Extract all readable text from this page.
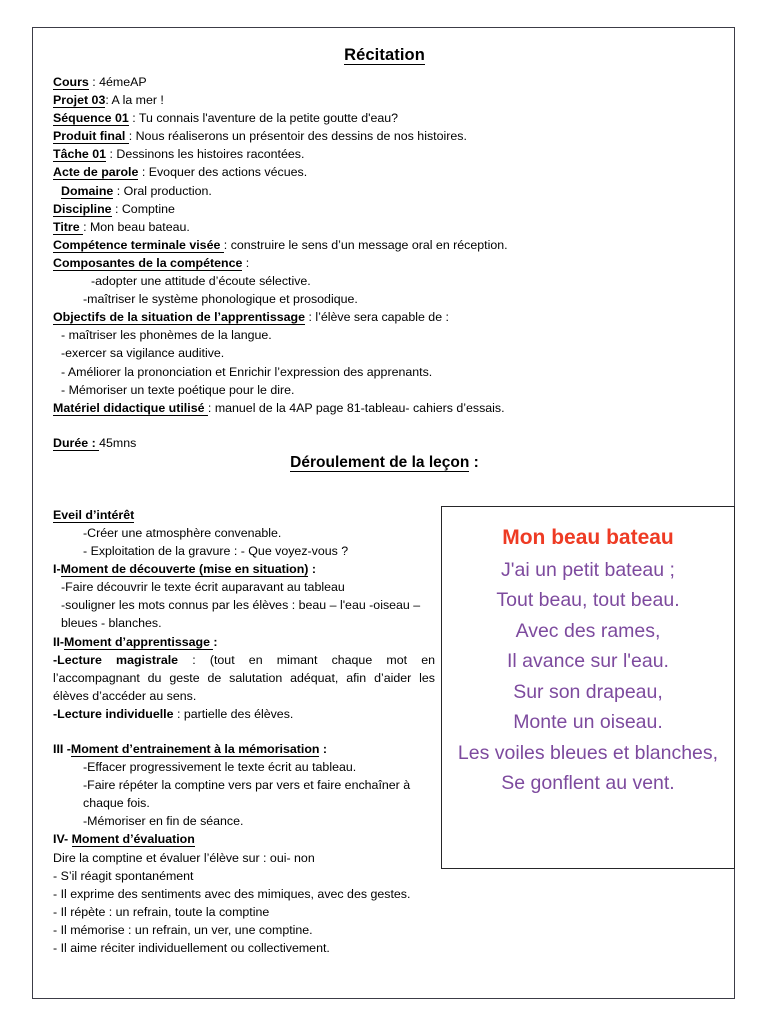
Récitation
Cours : 4émeAP
Projet 03: A la mer !
Séquence 01 : Tu connais l'aventure de la petite goutte d'eau?
Produit final : Nous réaliserons un présentoir des dessins de nos histoires.
Tâche 01 : Dessinons les histoires racontées.
Acte de parole : Evoquer des actions vécues.
Domaine : Oral production.
Discipline : Comptine
Titre : Mon beau bateau.
Compétence terminale visée : construire le sens d’un message oral en réception.
Composantes de la compétence :
-adopter une attitude d’écoute sélective.
-maîtriser le système phonologique et prosodique.
Objectifs de la situation de l’apprentissage : l’élève sera capable de :
- maîtriser les phonèmes de la langue.
-exercer sa vigilance auditive.
- Améliorer la prononciation et Enrichir l’expression des apprenants.
- Mémoriser un texte poétique pour le dire.
Matériel didactique utilisé : manuel de la 4AP page 81-tableau- cahiers d’essais.
Durée : 45mns
Déroulement de la leçon :
Eveil d’intérêt
-Créer une atmosphère convenable.
- Exploitation de la gravure : - Que voyez-vous ?
I-Moment de découverte (mise en situation) :
-Faire découvrir le texte écrit auparavant au tableau
-souligner les mots connus par les élèves : beau – l'eau -oiseau – bleues - blanches.
II-Moment d’apprentissage :
-Lecture magistrale : (tout en mimant chaque mot en l’accompagnant du geste de salutation adéquat, afin d’aider les élèves d’accéder au sens.
-Lecture individuelle : partielle des élèves.
III -Moment d’entrainement à la mémorisation :
-Effacer progressivement le texte écrit au tableau.
-Faire répéter la comptine vers par vers et faire enchaîner à chaque fois.
-Mémoriser en fin de séance.
IV- Moment d’évaluation
Dire la comptine et évaluer l’élève sur : oui- non
- S’il réagit spontanément
- Il exprime des sentiments avec des mimiques, avec des gestes.
- Il répète : un refrain, toute la comptine
- Il mémorise : un refrain, un ver, une comptine.
- Il aime réciter individuellement ou collectivement.
Mon beau bateau
J'ai un petit bateau ;
Tout beau, tout beau.
Avec des rames,
Il avance sur l'eau.
Sur son drapeau,
Monte un oiseau.
Les voiles bleues et blanches,
Se gonflent au vent.
